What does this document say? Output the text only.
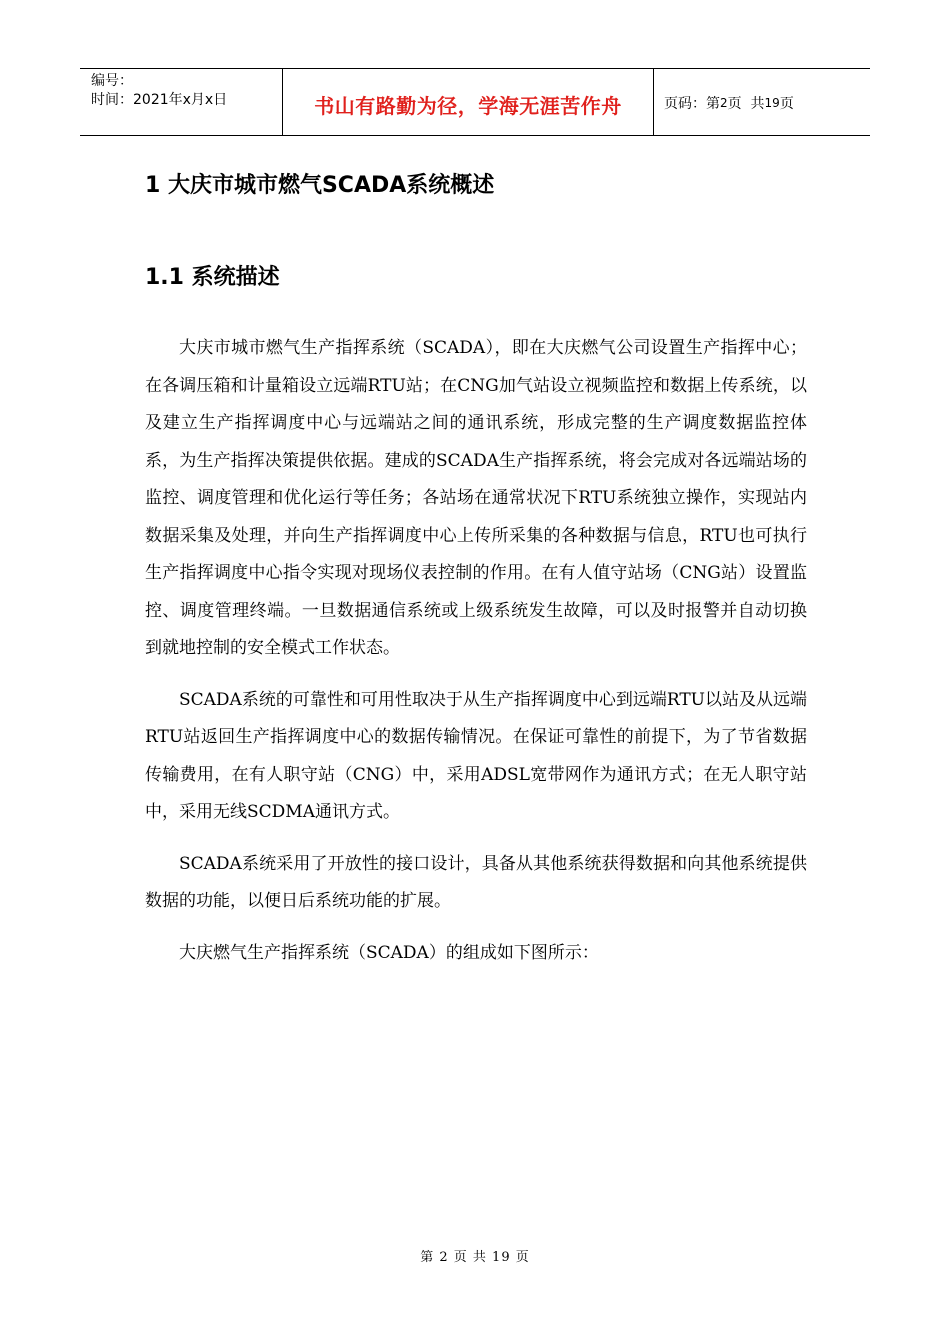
编号：
时间：2021年x月x日	书山有路勤为径，学海无涯苦作舟	页码：第 2 页  共 19 页
1 大庆市城市燃气SCADA系统概述
1.1 系统描述

大庆市城市燃气生产指挥系统（SCADA），即在大庆燃气公司设置生产指挥中心；在各调压箱和计量箱设立远端RTU站；在CNG加气站设立视频监控和数据上传系统，以及建立生产指挥调度中心与远端站之间的通讯系统，形成完整的生产调度数据监控体系，为生产指挥决策提供依据。建成的SCADA生产指挥系统，将会完成对各远端站场的监控、调度管理和优化运行等任务；各站场在通常状况下RTU系统独立操作，实现站内数据采集及处理，并向生产指挥调度中心上传所采集的各种数据与信息，RTU也可执行生产指挥调度中心指令实现对现场仪表控制的作用。在有人值守站场（CNG站）设置监控、调度管理终端。一旦数据通信系统或上级系统发生故障，可以及时报警并自动切换到就地控制的安全模式工作状态。

SCADA系统的可靠性和可用性取决于从生产指挥调度中心到远端RTU以站及从远端RTU站返回生产指挥调度中心的数据传输情况。在保证可靠性的前提下，为了节省数据传输费用，在有人职守站（CNG）中，采用ADSL宽带网作为通讯方式；在无人职守站中，采用无线SCDMA通讯方式。

SCADA系统采用了开放性的接口设计，具备从其他系统获得数据和向其他系统提供数据的功能，以便日后系统功能的扩展。

大庆燃气生产指挥系统（SCADA）的组成如下图所示：

第 2 页 共 19 页
